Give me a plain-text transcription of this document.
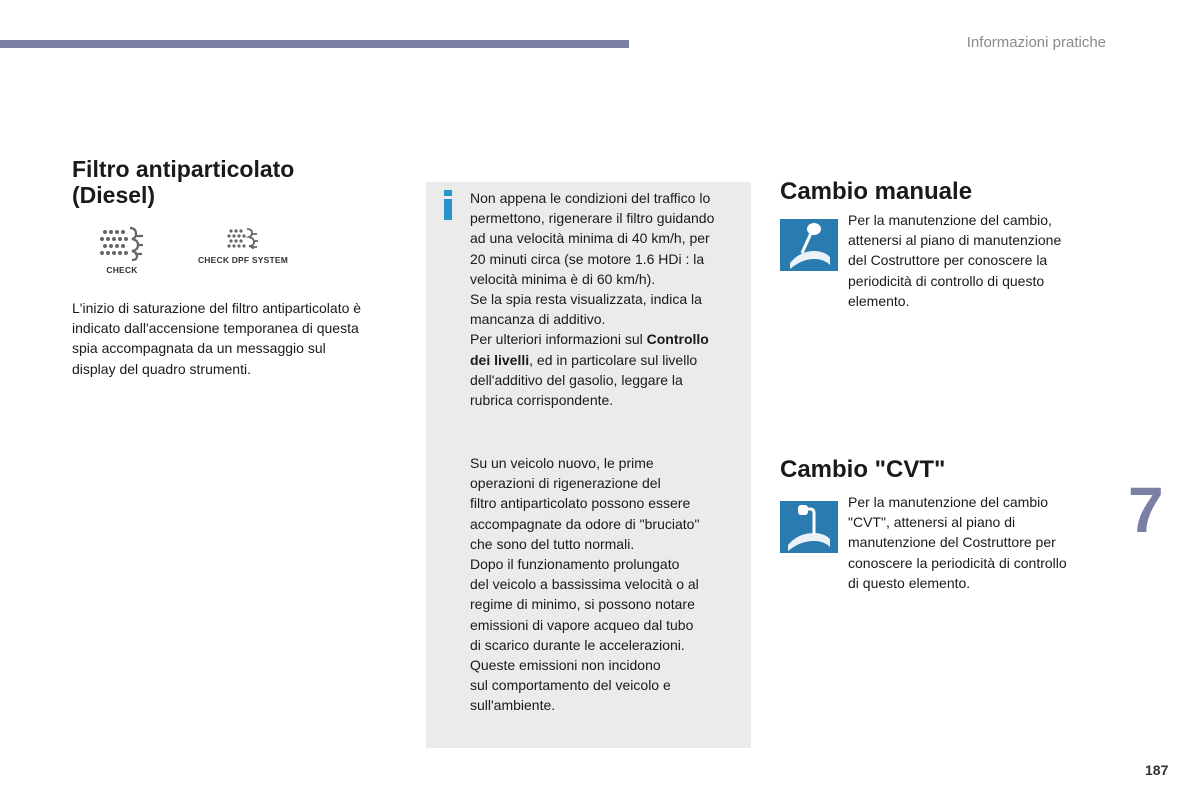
Informazioni pratiche
Filtro antiparticolato
(Diesel)
CHECK
CHECK DPF SYSTEM

L'inizio di saturazione del filtro antiparticolato è
indicato dall'accensione temporanea di questa
spia accompagnata da un messaggio sul
display del quadro strumenti.

Non appena le condizioni del traffico lo
permettono, rigenerare il filtro guidando
ad una velocità minima di 40 km/h, per
20 minuti circa (se motore 1.6 HDi : la
velocità minima è di 60 km/h).
Se la spia resta visualizzata, indica la
mancanza di additivo.
Per ulteriori informazioni sul Controllo
dei livelli, ed in particolare sul livello
dell'additivo del gasolio, leggare la
rubrica corrispondente.

Su un veicolo nuovo, le prime
operazioni di rigenerazione del
filtro antiparticolato possono essere
accompagnate da odore di "bruciato"
che sono del tutto normali.
Dopo il funzionamento prolungato
del veicolo a bassissima velocità o al
regime di minimo, si possono notare
emissioni di vapore acqueo dal tubo
di scarico durante le accelerazioni.
Queste emissioni non incidono
sul comportamento del veicolo e
sull'ambiente.

Cambio manuale

Per la manutenzione del cambio,
attenersi al piano di manutenzione
del Costruttore per conoscere la
periodicità di controllo di questo
elemento.

Cambio "CVT"

Per la manutenzione del cambio
"CVT", attenersi al piano di
manutenzione del Costruttore per
conoscere la periodicità di controllo
di questo elemento.

7
187
